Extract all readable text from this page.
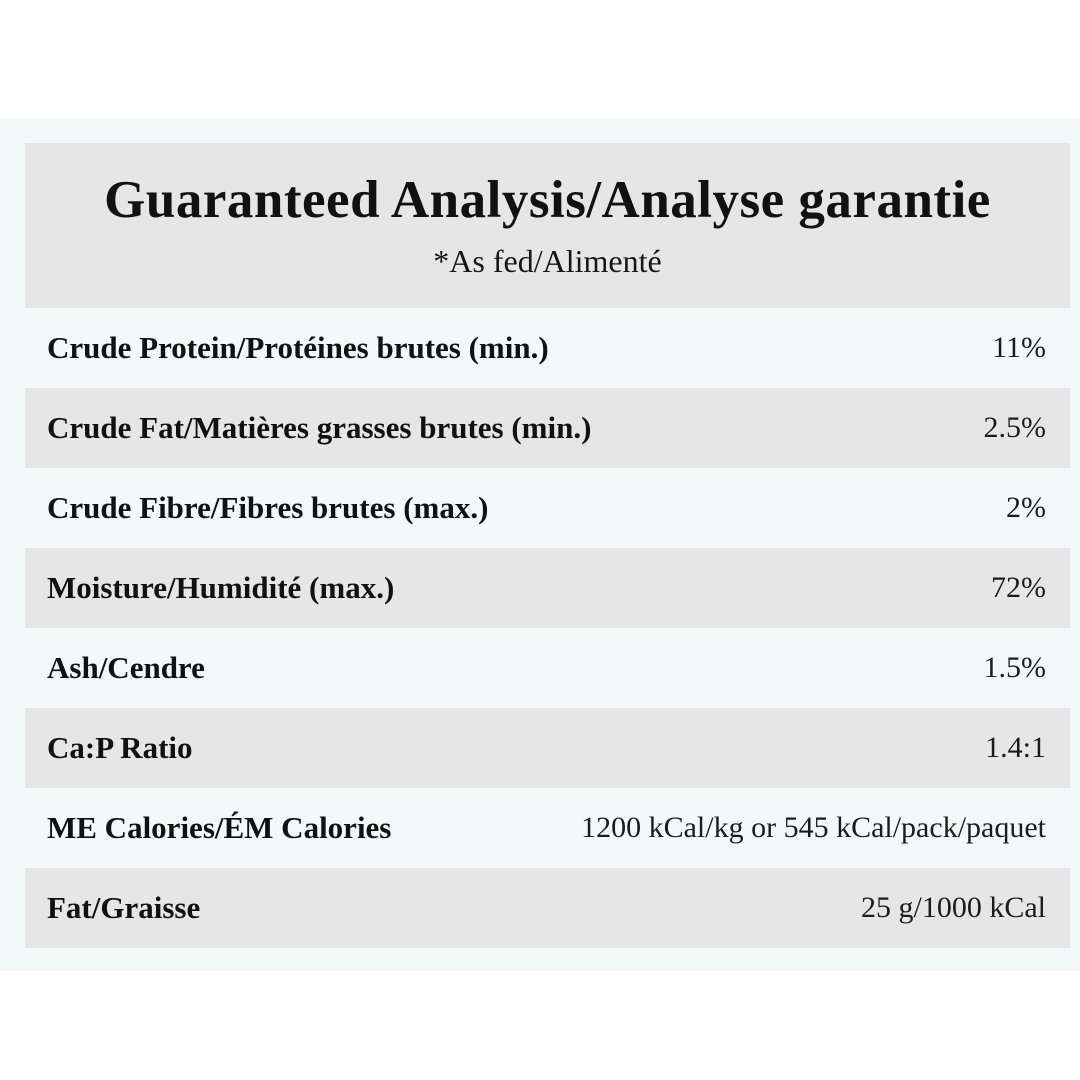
Guaranteed Analysis/Analyse garantie
*As fed/Alimenté
Crude Protein/Protéines brutes (min.)	11%
Crude Fat/Matières grasses brutes (min.)	2.5%
Crude Fibre/Fibres brutes (max.)	2%
Moisture/Humidité (max.)	72%
Ash/Cendre	1.5%
Ca:P Ratio	1.4:1
ME Calories/ÉM Calories	1200 kCal/kg or 545 kCal/pack/paquet
Fat/Graisse	25 g/1000 kCal
